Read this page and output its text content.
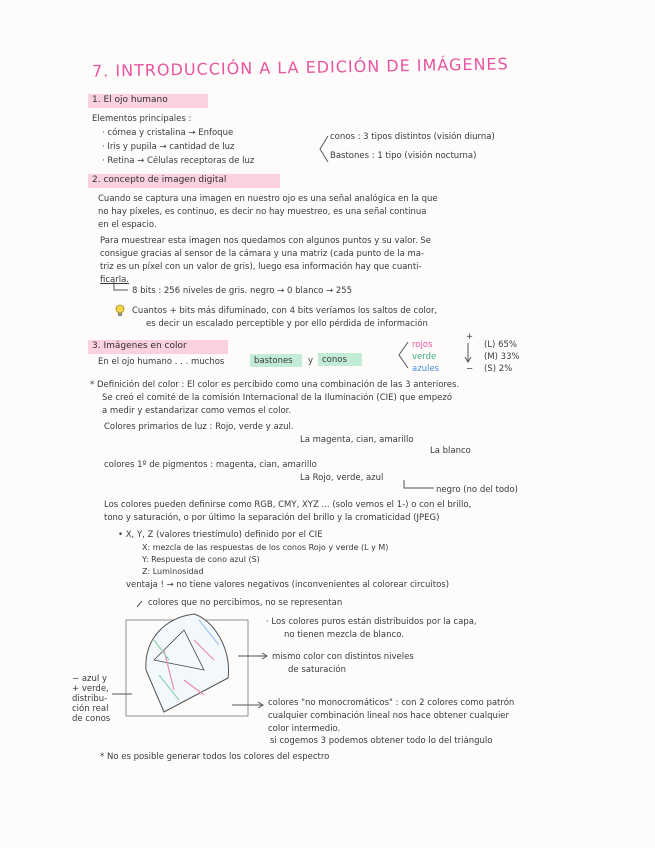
7. INTRODUCCIÓN A LA EDICIÓN DE IMÁGENES
1. El ojo humano
Elementos principales :
· córnea y cristalina → Enfoque
· Iris y pupila → cantidad de luz
· Retina → Células receptoras de luz
conos : 3 tipos distintos (visión diurna)
Bastones : 1 tipo (visión nocturna)
2. concepto de imagen digital
Cuando se captura una imagen en nuestro ojo es una señal analógica en la que
no hay píxeles, es continuo, es decir no hay muestreo, es una señal continua
en el espacio.
Para muestrear esta imagen nos quedamos con algunos puntos y su valor. Se
consigue gracias al sensor de la cámara y una matriz (cada punto de la ma-
triz es un píxel con un valor de gris), luego esa información hay que cuanti-
ficarla.
8 bits : 256 niveles de gris. negro → 0 blanco → 255
Cuantos + bits más difuminado, con 4 bits veríamos los saltos de color,
es decir un escalado perceptible y por ello pérdida de información
3. Imágenes en color
En el ojo humano . . . muchos	bastones y conos
rojos
verde
azules
+
−
(L) 65%
(M) 33%
(S) 2%
* Definición del color : El color es percibido como una combinación de las 3 anteriores.
Se creó el comité de la comisión Internacional de la Iluminación (CIE) que empezó
a medir y estandarizar como vemos el color.
Colores primarios de luz : Rojo, verde y azul.
La magenta, cian, amarillo
La blanco
colores 1º de pigmentos : magenta, cian, amarillo
La Rojo, verde, azul
negro (no del todo)
Los colores pueden definirse como RGB, CMY, XYZ ... (solo vemos el 1-) o con el brillo,
tono y saturación, o por último la separación del brillo y la cromaticidad (JPEG)
• X, Y, Z (valores triestímulo) definido por el CIE
X: mezcla de las respuestas de los conos Rojo y verde (L y M)
Y: Respuesta de cono azul (S)
Z: Luminosidad
ventaja ! → no tiene valores negativos (inconvenientes al colorear circuitos)
colores que no percibimos, no se representan
· Los colores puros están distribuidos por la capa,
no tienen mezcla de blanco.
mismo color con distintos niveles
de saturación
− azul y
+ verde,
distribu-
ción real
de conos
colores "no monocromáticos" : con 2 colores como patrón
cualquier combinación lineal nos hace obtener cualquier
color intermedio.
si cogemos 3 podemos obtener todo lo del triángulo
* No es posible generar todos los colores del espectro
